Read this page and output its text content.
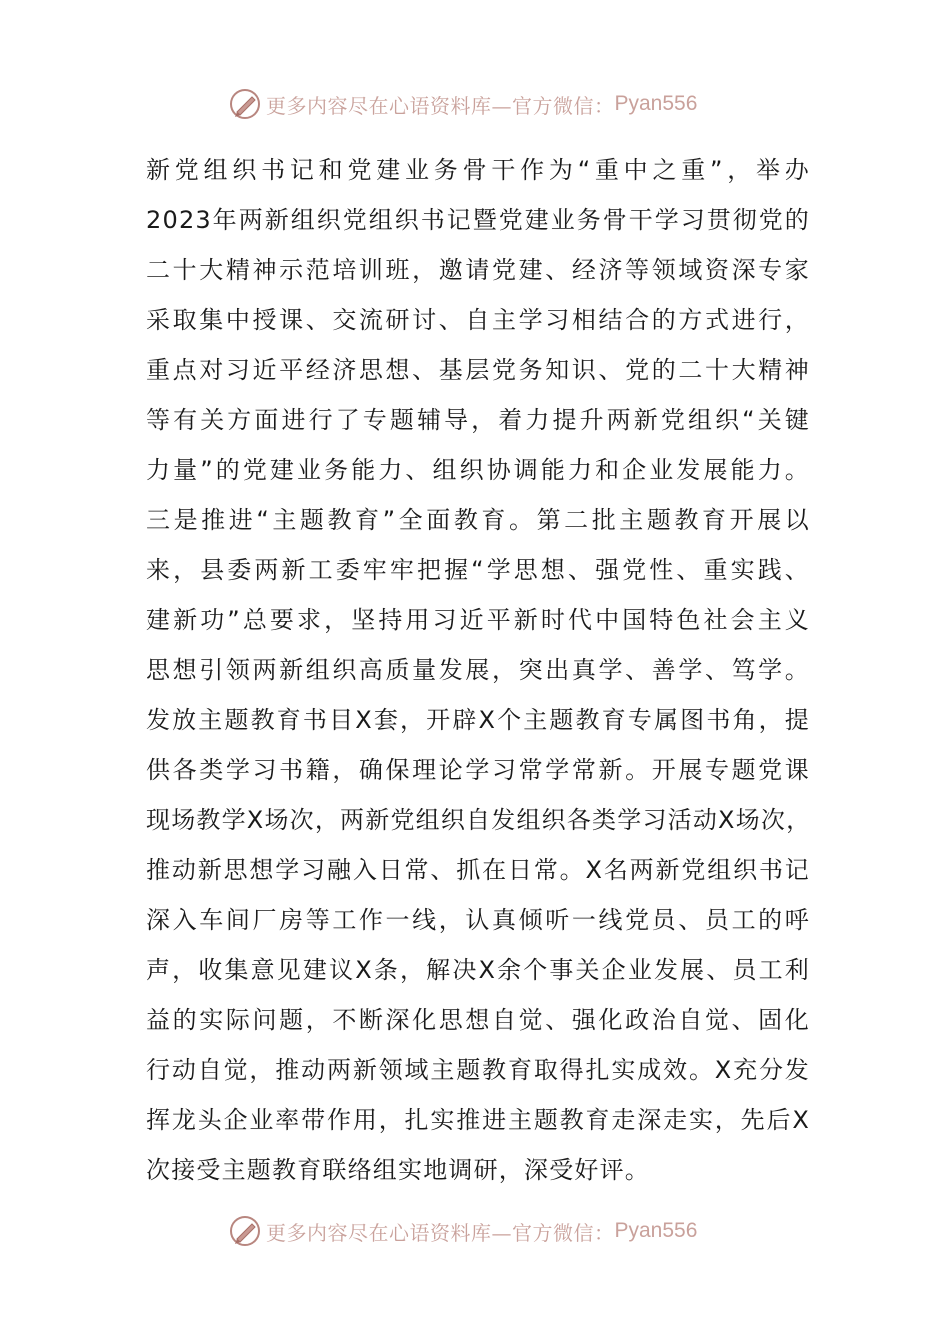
更多内容尽在心语资料库—官方微信： Pyan556
新党组织书记和党建业务骨干作为“重中之重”，举办
2023年两新组织党组织书记暨党建业务骨干学习贯彻党的
二十大精神示范培训班，邀请党建、经济等领域资深专家
采取集中授课、交流研讨、自主学习相结合的方式进行，
重点对习近平经济思想、基层党务知识、党的二十大精神
等有关方面进行了专题辅导，着力提升两新党组织“关键
力量”的党建业务能力、组织协调能力和企业发展能力。
三是推进“主题教育”全面教育。第二批主题教育开展以
来，县委两新工委牢牢把握“学思想、强党性、重实践、
建新功”总要求，坚持用习近平新时代中国特色社会主义
思想引领两新组织高质量发展，突出真学、善学、笃学。
发放主题教育书目X套，开辟X个主题教育专属图书角，提
供各类学习书籍，确保理论学习常学常新。开展专题党课
现场教学X场次，两新党组织自发组织各类学习活动X场次，
推动新思想学习融入日常、抓在日常。X名两新党组织书记
深入车间厂房等工作一线，认真倾听一线党员、员工的呼
声，收集意见建议X条，解决X余个事关企业发展、员工利
益的实际问题，不断深化思想自觉、强化政治自觉、固化
行动自觉，推动两新领域主题教育取得扎实成效。X充分发
挥龙头企业率带作用，扎实推进主题教育走深走实，先后X
次接受主题教育联络组实地调研，深受好评。
更多内容尽在心语资料库—官方微信： Pyan556
